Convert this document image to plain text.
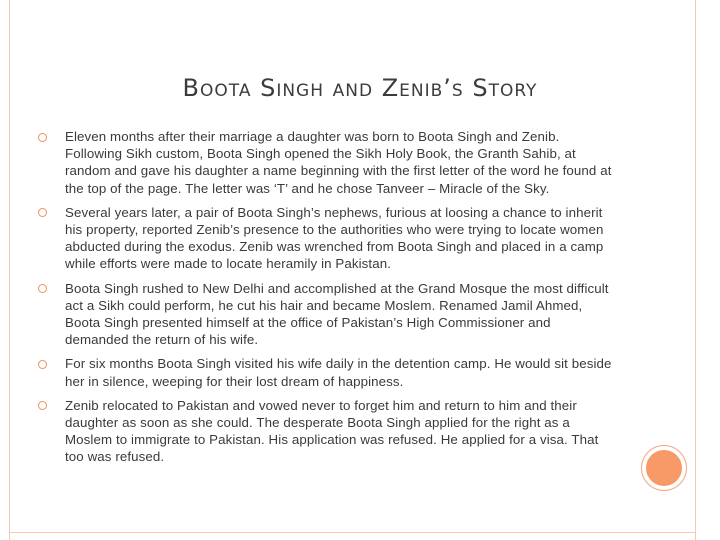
Boota Singh and Zenib’s Story
Eleven months after their marriage a daughter was born to Boota Singh and Zenib. Following Sikh custom, Boota Singh opened the Sikh Holy Book, the Granth Sahib, at random and gave his daughter a name beginning with the first letter of the word he found at the top of the page. The letter was ‘T’ and he chose Tanveer – Miracle of the Sky.
Several years later, a pair of Boota Singh’s nephews, furious at loosing a chance to inherit his property, reported Zenib’s presence to the authorities who were trying to locate women abducted during the exodus. Zenib was wrenched from Boota Singh and placed in a camp while efforts were made to locate heramily in Pakistan.
Boota Singh rushed to New Delhi and accomplished at the Grand Mosque the most difficult act a Sikh could perform, he cut his hair and became Moslem. Renamed Jamil Ahmed, Boota Singh presented himself at the office of Pakistan’s High Commissioner and demanded the return of his wife.
For six months Boota Singh visited his wife daily in the detention camp. He would sit beside her in silence, weeping for their lost dream of happiness.
Zenib relocated to Pakistan and vowed never to forget him and return to him and their daughter as soon as she could. The desperate Boota Singh applied for the right as a Moslem to immigrate to Pakistan. His application was refused. He applied for a visa. That too was refused.
